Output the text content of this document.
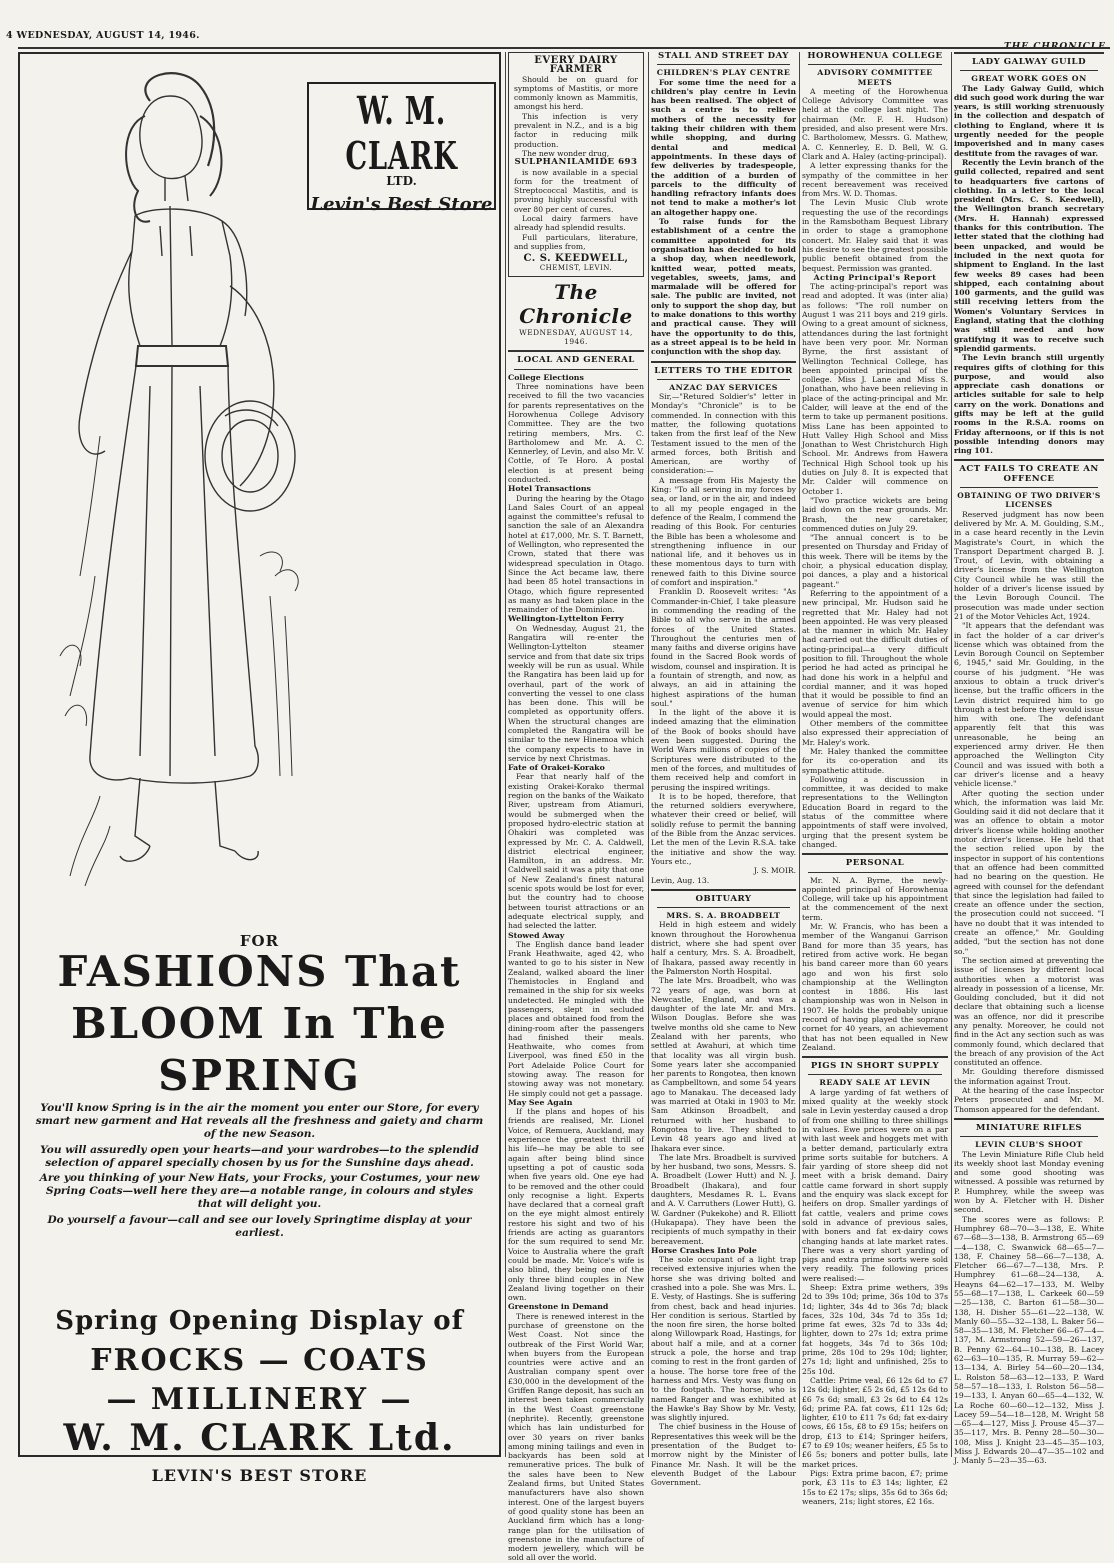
4 WEDNESDAY, AUGUST 14, 1946.
THE CHRONICLE
W. M. CLARK
LTD.
Levin's Best Store
FOR
FASHIONS That
BLOOM In The
SPRING
Spring Opening Display of
FROCKS — COATS
— MILLINERY —
W. M. CLARK Ltd.
LEVIN'S BEST STORE
You'll know Spring is in the air the moment you enter our Store, for every smart new garment and Hat reveals all the freshness and gaiety and charm of the new Season.
You will assuredly open your hearts—and your wardrobes—to the splendid selection of apparel specially chosen by us for the Sunshine days ahead.
Are you thinking of your New Hats, your Frocks, your Costumes, your new Spring Coats—well here they are—a notable range, in colours and styles that will delight you.
Do yourself a favour—call and see our lovely Springtime display at your earliest.
EVERY DAIRY FARMER

Should be on guard for symptoms of Mastitis, or more commonly known as Mammitis, amongst his herd.

This infection is very prevalent in N.Z., and is a big factor in reducing milk production.

The new wonder drug,

SULPHANILAMIDE 693

is now available in a special form for the treatment of Streptococcal Mastitis, and is proving highly successful with over 80 per cent of cures.

Local dairy farmers have already had splendid results.

Full particulars, literature, and supplies from,

C. S. KEEDWELL,
CHEMIST, LEVIN.
The Chronicle
WEDNESDAY, AUGUST 14, 1946.
LOCAL AND GENERAL
College Elections

Three nominations have been received to fill the two vacancies for parents representatives on the Horowhenua College Advisory Committee. They are the two retiring members, Mrs. C. Bartholomew and Mr. A. C. Kennerley, of Levin, and also Mr. V. Cottle, of Te Horo. A postal election is at present being conducted.

Hotel Transactions

During the hearing by the Otago Land Sales Court of an appeal against the committee's refusal to sanction the sale of an Alexandra hotel at £17,000, Mr. S. T. Barnett, of Wellington, who represented the Crown, stated that there was widespread speculation in Otago. Since the Act became law, there had been 85 hotel transactions in Otago, which figure represented as many as had taken place in the remainder of the Dominion.

Wellington-Lyttelton Ferry

On Wednesday, August 21, the Rangatira will re-enter the Wellington-Lyttelton steamer service and from that date six trips weekly will be run as usual. While the Rangatira has been laid up for overhaul, part of the work of converting the vessel to one class has been done. This will be completed as opportunity offers. When the structural changes are completed the Rangatira will be similar to the new Hinemoa which the company expects to have in service by next Christmas.

Fate of Orakei-Korako

Fear that nearly half of the existing Orakei-Korako thermal region on the banks of the Waikato River, upstream from Atiamuri, would be submerged when the proposed hydro-electric station at Ohakiri was completed was expressed by Mr. C. A. Caldwell, district electrical engineer, Hamilton, in an address. Mr. Caldwell said it was a pity that one of New Zealand's finest natural scenic spots would be lost for ever, but the country had to choose between tourist attractions or an adequate electrical supply, and had selected the latter.

Stowed Away

The English dance band leader Frank Heathwaite, aged 42, who wanted to go to his sister in New Zealand, walked aboard the liner Themistocles in England and remained in the ship for six weeks undetected. He mingled with the passengers, slept in secluded places and obtained food from the dining-room after the passengers had finished their meals. Heathwaite, who comes from Liverpool, was fined £50 in the Port Adelaide Police Court for stowing away. The reason for stowing away was not monetary. He simply could not get a passage.

May See Again

If the plans and hopes of his friends are realised, Mr. Lionel Voice, of Remuera, Auckland, may experience the greatest thrill of his life—he may be able to see again after being blind since upsetting a pot of caustic soda when five years old. One eye had to be removed and the other could only recognise a light. Experts have declared that a corneal graft on the eye might almost entirely restore his sight and two of his friends are acting as guarantors for the sum required to send Mr. Voice to Australia where the graft could be made. Mr. Voice's wife is also blind, they being one of the only three blind couples in New Zealand living together on their own.

Greenstone in Demand

There is renewed interest in the purchase of greenstone on the West Coast. Not since the outbreak of the First World War, when buyers from the European countries were active and an Australian company spent over £30,000 in the development of the Griffen Range deposit, has such an interest been taken commercially in the West Coast greenstone (nephrite). Recently, greenstone which has lain undisturbed for over 30 years on river banks among mining tailings and even in backyards has been sold at remunerative prices. The bulk of the sales have been to New Zealand firms, but United States manufacturers have also shown interest. One of the largest buyers of good quality stone has been an Auckland firm which has a long-range plan for the utilisation of greenstone in the manufacture of modern jewellery, which will be sold all over the world.

STALL AND STREET DAY
CHILDREN'S PLAY CENTRE

For some time the need for a children's play centre in Levin has been realised. The object of such a centre is to relieve mothers of the necessity for taking their children with them while shopping, and during dental and medical appointments. In these days of few deliveries by tradespeople, the addition of a burden of parcels to the difficulty of handling refractory infants does not tend to make a mother's lot an altogether happy one.

To raise funds for the establishment of a centre the committee appointed for its organisation has decided to hold a shop day, when needlework, knitted wear, potted meats, vegetables, sweets, jams, and marmalade will be offered for sale. The public are invited, not only to support the shop day, but to make donations to this worthy and practical cause. They will have the opportunity to do this, as a street appeal is to be held in conjunction with the shop day.

LETTERS TO THE EDITOR
ANZAC DAY SERVICES

Sir,—"Retured Soldier's" letter in Monday's "Chronicle" is to be commended. In connection with this matter, the following quotations taken from the first leaf of the New Testament issued to the men of the armed forces, both British and American, are worthy of consideration:—

A message from His Majesty the King: "To all serving in my forces by sea, or land, or in the air, and indeed to all my people engaged in the defence of the Realm, I commend the reading of this Book. For centuries the Bible has been a wholesome and strengthening influence in our national life, and it behoves us in these momentous days to turn with renewed faith to this Divine source of comfort and inspiration."

Franklin D. Roosevelt writes: "As Commander-in-Chief, I take pleasure in commending the reading of the Bible to all who serve in the armed forces of the United States. Throughout the centuries men of many faiths and diverse origins have found in the Sacred Book words of wisdom, counsel and inspiration. It is a fountain of strength, and now, as always, an aid in attaining the highest aspirations of the human soul."

In the light of the above it is indeed amazing that the elimination of the Book of books should have even been suggested. During the World Wars millions of copies of the Scriptures were distributed to the men of the forces, and multitudes of them received help and comfort in perusing the inspired writings.

It is to be hoped, therefore, that the returned soldiers everywhere, whatever their creed or belief, will solidly refuse to permit the banning of the Bible from the Anzac services. Let the men of the Levin R.S.A. take the initiative and show the way. Yours etc.,

J. S. MOIR.
Levin, Aug. 13.
OBITUARY
MRS. S. A. BROADBELT

Held in high esteem and widely known throughout the Horowhenua district, where she had spent over half a century, Mrs. S. A. Broadbelt, of Ihakara, passed away recently in the Palmerston North Hospital.

The late Mrs. Broadbelt, who was 72 years of age, was born at Newcastle, England, and was a daughter of the late Mr. and Mrs. Wilson Douglas. Before she was twelve months old she came to New Zealand with her parents, who settled at Awahuri, at which time that locality was all virgin bush. Some years later she accompanied her parents to Rongotea, then known as Campbelltown, and some 54 years ago to Manakau. The deceased lady was married at Otaki in 1903 to Mr. Sam Atkinson Broadbelt, and returned with her husband to Rongotea to live. They shifted to Levin 48 years ago and lived at Ihakara ever since.

The late Mrs. Broadbelt is survived by her husband, two sons, Messrs. S. A. Broadbelt (Lower Hutt) and N. J. Broadbelt (Ihakara), and four daughters, Mesdames R. L. Evans and A. V. Carruthers (Lower Hutt), G. W. Gardner (Pukekohe) and R. Elliott (Hukapapa). They have been the recipients of much sympathy in their bereavement.

Horse Crashes Into Pole

The sole occupant of a light trap received extensive injuries when the horse she was driving bolted and crashed into a pole. She was Mrs. L. E. Vesty, of Hastings. She is suffering from chest, back and head injuries. Her condition is serious. Startled by the noon fire siren, the horse bolted along Willowpark Road, Hastings, for about half a mile, and at a corner struck a pole, the horse and trap coming to rest in the front garden of a house. The horse tore free of the harness and Mrs. Vesty was flung on to the footpath. The horse, who is named Ranger and was exhibited at the Hawke's Bay Show by Mr. Vesty, was slightly injured.

The chief business in the House of Representatives this week will be the presentation of the Budget to-morrow night by the Minister of Finance Mr. Nash. It will be the eleventh Budget of the Labour Government.

HOROWHENUA COLLEGE
ADVISORY COMMITTEE MEETS

A meeting of the Horowhenua College Advisory Committee was held at the college last night. The chairman (Mr. F. H. Hudson) presided, and also present were Mrs. C. Bartholomew, Messrs. G. Mathew, A. C. Kennerley, E. D. Bell, W. G. Clark and A. Haley (acting-principal).

A letter expressing thanks for the sympathy of the committee in her recent bereavement was received from Mrs. W. D. Thomas.

The Levin Music Club wrote requesting the use of the recordings in the Ramsbotham Bequest Library in order to stage a gramophone concert. Mr. Haley said that it was his desire to see the greatest possible public benefit obtained from the bequest. Permission was granted.

Acting Principal's Report

The acting-principal's report was read and adopted. It was (inter alia) as follows: "The roll number on August 1 was 211 boys and 219 girls. Owing to a great amount of sickness, attendances during the last fortnight have been very poor. Mr. Norman Byrne, the first assistant of Wellington Technical College, has been appointed principal of the college. Miss J. Lane and Miss S. Jonathan, who have been relieving in place of the acting-principal and Mr. Calder, will leave at the end of the term to take up permanent positions. Miss Lane has been appointed to Hutt Valley High School and Miss Jonathan to West Christchurch High School. Mr. Andrews from Hawera Technical High School took up his duties on July 8. It is expected that Mr. Calder will commence on October 1.

"Two practice wickets are being laid down on the rear grounds. Mr. Brash, the new caretaker, commenced duties on July 29.

"The annual concert is to be presented on Thursday and Friday of this week. There will be items by the choir, a physical education display, poi dances, a play and a historical pageant."

Referring to the appointment of a new principal, Mr. Hudson said he regretted that Mr. Haley had not been appointed. He was very pleased at the manner in which Mr. Haley had carried out the difficult duties of acting-principal—a very difficult position to fill. Throughout the whole period he had acted as principal he had done his work in a helpful and cordial manner, and it was hoped that it would be possible to find an avenue of service for him which would appeal the most.

Other members of the committee also expressed their appreciation of Mr. Haley's work.

Mr. Haley thanked the committee for its co-operation and its sympathetic attitude.

Following a discussion in committee, it was decided to make representations to the Wellington Education Board in regard to the status of the committee where appointments of staff were involved, urging that the present system be changed.

PERSONAL

Mr. N. A. Byrne, the newly-appointed principal of Horowhenua College, will take up his appointment at the commencement of the next term.

Mr. W. Francis, who has been a member of the Wanganui Garrison Band for more than 35 years, has retired from active work. He began his band career more than 60 years ago and won his first solo championship at the Wellington contest in 1886. His last championship was won in Nelson in 1907. He holds the probably unique record of having played the soprano cornet for 40 years, an achievement that has not been equalled in New Zealand.

PIGS IN SHORT SUPPLY
READY SALE AT LEVIN

A large yarding of fat wethers of mixed quality at the weekly stock sale in Levin yesterday caused a drop of from one shilling to three shillings in values. Ewe prices were on a par with last week and hoggets met with a better demand, particularly extra prime sorts suitable for butchers. A fair yarding of store sheep did not meet with a brisk demand. Dairy cattle came forward in short supply and the enquiry was slack except for heifers on drop. Smaller yardings of fat cattle, vealers and prime cows sold in advance of previous sales, with boners and fat ex-dairy cows changing hands at late market rates. There was a very short yarding of pigs and extra prime sorts were sold very readily. The following prices were realised:—

Sheep: Extra prime wethers, 39s 2d to 39s 10d; prime, 36s 10d to 37s 1d; lighter, 34s 4d to 36s 7d; black faces, 32s 10d, 34s 7d to 35s 1d; prime fat ewes, 32s 7d to 33s 4d; lighter, down to 27s 1d; extra prime fat hoggets, 34s 7d to 36s 10d; prime, 28s 10d to 29s 10d; lighter, 27s 1d; light and unfinished, 25s to 25s 10d.

Cattle: Prime veal, £6 12s 6d to £7 12s 6d; lighter, £5 2s 6d, £5 12s 6d to £6 7s 6d; small, £3 2s 6d to £4 12s 6d; prime P.A. fat cows, £11 12s 6d; lighter, £10 to £11 7s 6d; fat ex-dairy cows, £6 15s, £8 to £9 15s; heifers on drop, £13 to £14; Springer heifers, £7 to £9 10s; weaner heifers, £5 5s to £6 5s; boners and potter bulls, late market prices.

Pigs: Extra prime bacon, £7; prime pork, £3 11s to £3 14s; lighter, £2 15s to £2 17s; slips, 35s 6d to 36s 6d; weaners, 21s; light stores, £2 16s.

LADY GALWAY GUILD
GREAT WORK GOES ON

The Lady Galway Guild, which did such good work during the war years, is still working strenuously in the collection and despatch of clothing to England, where it is urgently needed for the people impoverished and in many cases destitute from the ravages of war.

Recently the Levin branch of the guild collected, repaired and sent to headquarters five cartons of clothing. In a letter to the local president (Mrs. C. S. Keedwell), the Wellington branch secretary (Mrs. H. Hannah) expressed thanks for this contribution. The letter stated that the clothing had been unpacked, and would be included in the next quota for shipment to England. In the last few weeks 89 cases had been shipped, each containing about 100 garments, and the guild was still receiving letters from the Women's Voluntary Services in England, stating that the clothing was still needed and how gratifying it was to receive such splendid garments.

The Levin branch still urgently requires gifts of clothing for this purpose, and would also appreciate cash donations or articles suitable for sale to help carry on the work. Donations and gifts may be left at the guild rooms in the R.S.A. rooms on Friday afternoons, or if this is not possible intending donors may ring 101.

ACT FAILS TO CREATE AN OFFENCE
OBTAINING OF TWO DRIVER'S LICENSES

Reserved judgment has now been delivered by Mr. A. M. Goulding, S.M., in a case heard recently in the Levin Magistrate's Court, in which the Transport Department charged B. J. Trout, of Levin, with obtaining a driver's license from the Wellington City Council while he was still the holder of a driver's license issued by the Levin Borough Council. The prosecution was made under section 21 of the Motor Vehicles Act, 1924.

"It appears that the defendant was in fact the holder of a car driver's license which was obtained from the Levin Borough Council on September 6, 1945," said Mr. Goulding, in the course of his judgment. "He was anxious to obtain a truck driver's license, but the traffic officers in the Levin district required him to go through a test before they would issue him with one. The defendant apparently felt that this was unreasonable, he being an experienced army driver. He then approached the Wellington City Council and was issued with both a car driver's license and a heavy vehicle license."

After quoting the section under which, the information was laid Mr. Goulding said it did not declare that it was an offence to obtain a motor driver's license while holding another motor driver's license. He held that the section relied upon by the inspector in support of his contentions that an offence had been committed had no bearing on the question. He agreed with counsel for the defendant that since the legislation had failed to create an offence under the section, the prosecution could not succeed. "I have no doubt that it was intended to create an offence," Mr. Goulding added, "but the section has not done so."

The section aimed at preventing the issue of licenses by different local authorities when a motorist was already in possession of a license, Mr. Goulding concluded, but it did not declare that obtaining such a license was an offence, nor did it prescribe any penalty. Moreover, he could not find in the Act any section such as was commonly found, which declared that the breach of any provision of the Act constituted an offence.

Mr. Goulding therefore dismissed the information against Trout.

At the hearing of the case Inspector Peters prosecuted and Mr. M. Thomson appeared for the defendant.

MINIATURE RIFLES
LEVIN CLUB'S SHOOT

The Levin Miniature Rifle Club held its weekly shoot last Monday evening and some good shooting was witnessed. A possible was returned by P. Humphrey, while the sweep was won by A. Fletcher with H. Disher second.

The scores were as follows: P. Humphrey 68—70—3—138, E. White 67—68—3—138, B. Armstrong 65—69—4—138, C. Swanwick 68—65—7—138, F. Chainey 58—66—7—138, A. Fletcher 66—67—7—138, Mrs. P. Humphrey 61—68—24—138, A. Heayns 64—62—17—133, M. Welby 55—68—17—138, L. Carkeek 60—59—25—138, C. Barton 61—58—30—138, H. Disher 55—61—22—138, W. Manly 60—55—32—138, L. Baker 56—58—35—138, M. Fletcher 66—67—4—137, M. Armstrong 52—59—26—137, B. Penny 62—64—10—138, B. Lacey 62—63—10—135, R. Murray 59—62—13—134, A. Birley 54—60—20—134, L. Rolston 58—63—12—133, P. Ward 58—57—18—133, I. Rolston 56—58—19—133, I. Anyan 60—65—4—132, W. La Roche 60—60—12—132, Miss J. Lacey 59—54—18—128, M. Wright 58—65—4—127, Miss J. Prouse 45—37—35—117, Mrs. B. Penny 28—50—30—108, Miss J. Knight 23—45—35—103, Miss J. Edwards 20—47—35—102 and J. Manly 5—23—35—63.
